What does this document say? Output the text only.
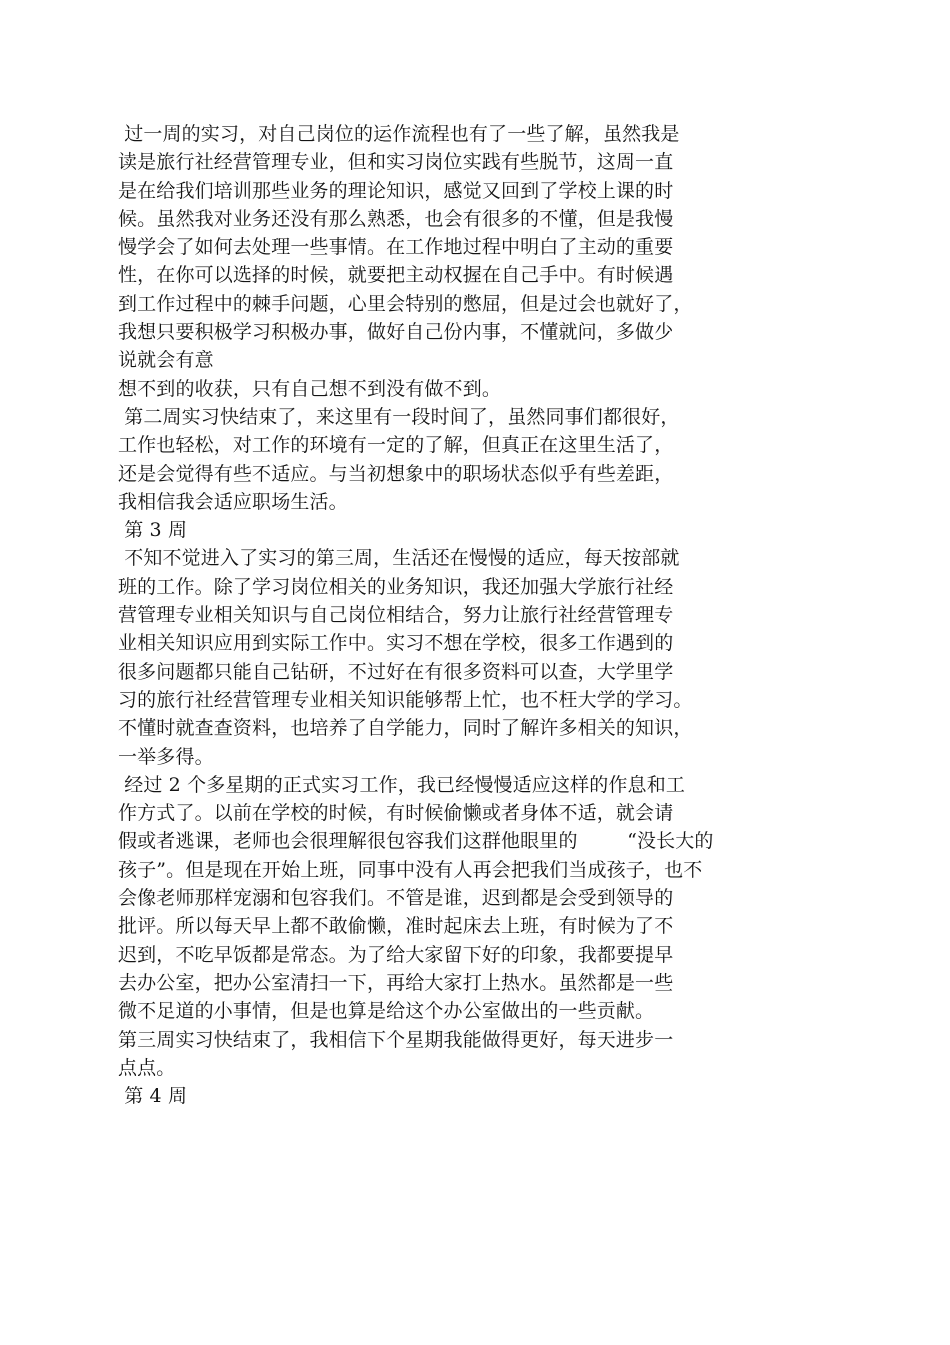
过一周的实习，对自己岗位的运作流程也有了一些了解，虽然我是
读是旅行社经营管理专业，但和实习岗位实践有些脱节，这周一直
是在给我们培训那些业务的理论知识，感觉又回到了学校上课的时
候。虽然我对业务还没有那么熟悉，也会有很多的不懂，但是我慢
慢学会了如何去处理一些事情。在工作地过程中明白了主动的重要
性，在你可以选择的时候，就要把主动权握在自己手中。有时候遇
到工作过程中的棘手问题，心里会特别的憋屈，但是过会也就好了，
我想只要积极学习积极办事，做好自己份内事，不懂就问，多做少
说就会有意
想不到的收获，只有自己想不到没有做不到。
第二周实习快结束了，来这里有一段时间了，虽然同事们都很好，
工作也轻松，对工作的环境有一定的了解，但真正在这里生活了，
还是会觉得有些不适应。与当初想象中的职场状态似乎有些差距，
我相信我会适应职场生活。
第 3 周
不知不觉进入了实习的第三周，生活还在慢慢的适应，每天按部就
班的工作。除了学习岗位相关的业务知识，我还加强大学旅行社经
营管理专业相关知识与自己岗位相结合，努力让旅行社经营管理专
业相关知识应用到实际工作中。实习不想在学校，很多工作遇到的
很多问题都只能自己钻研，不过好在有很多资料可以查，大学里学
习的旅行社经营管理专业相关知识能够帮上忙，也不枉大学的学习。
不懂时就查查资料，也培养了自学能力，同时了解许多相关的知识，
一举多得。
经过 2 个多星期的正式实习工作，我已经慢慢适应这样的作息和工
作方式了。以前在学校的时候，有时候偷懒或者身体不适，就会请
假或者逃课，老师也会很理解很包容我们这群他眼里的        “没长大的
孩子”。但是现在开始上班，同事中没有人再会把我们当成孩子，也不
会像老师那样宠溺和包容我们。不管是谁，迟到都是会受到领导的
批评。所以每天早上都不敢偷懒，准时起床去上班，有时候为了不
迟到，不吃早饭都是常态。为了给大家留下好的印象，我都要提早
去办公室，把办公室清扫一下，再给大家打上热水。虽然都是一些
微不足道的小事情，但是也算是给这个办公室做出的一些贡献。
第三周实习快结束了，我相信下个星期我能做得更好，每天进步一
点点。
第 4 周
